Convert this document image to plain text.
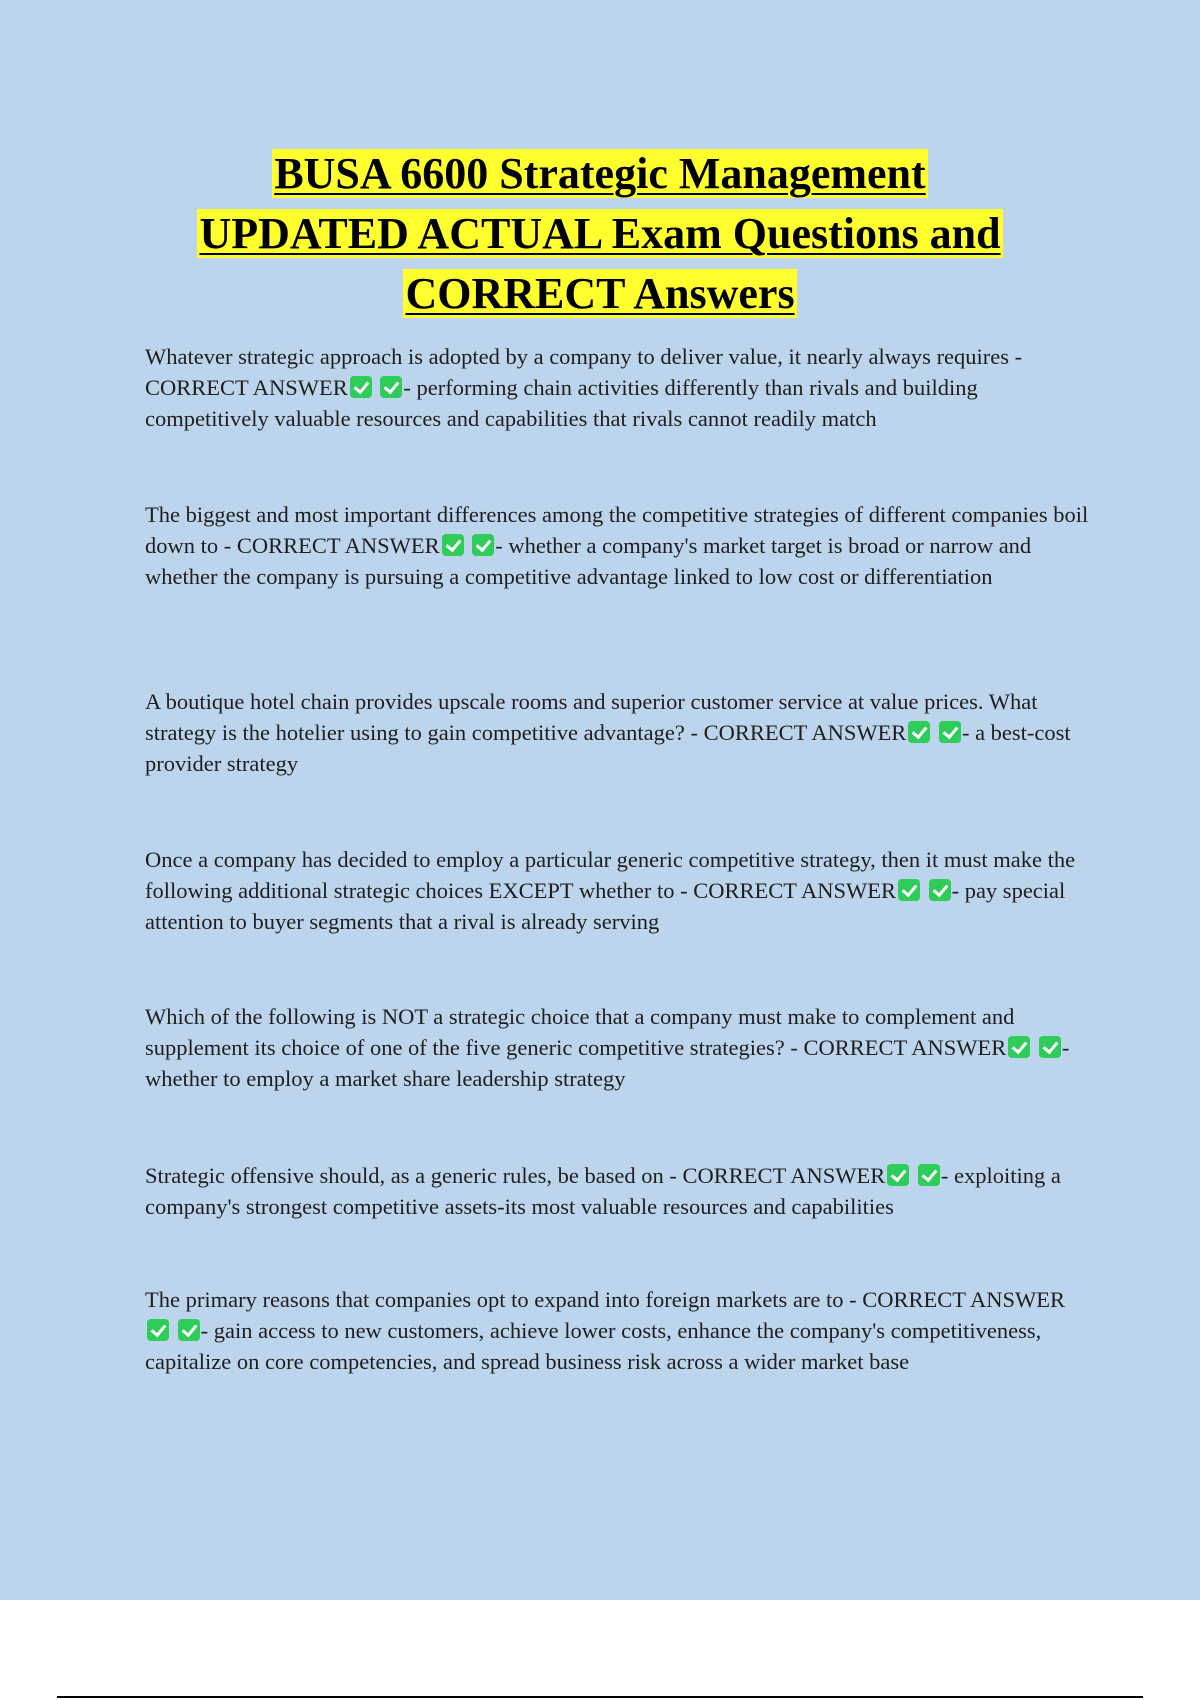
BUSA 6600 Strategic Management
UPDATED ACTUAL Exam Questions and
CORRECT Answers
Whatever strategic approach is adopted by a company to deliver value, it nearly always requires - CORRECT ANSWER - performing chain activities differently than rivals and building competitively valuable resources and capabilities that rivals cannot readily match
The biggest and most important differences among the competitive strategies of different companies boil down to - CORRECT ANSWER - whether a company's market target is broad or narrow and whether the company is pursuing a competitive advantage linked to low cost or differentiation
A boutique hotel chain provides upscale rooms and superior customer service at value prices. What strategy is the hotelier using to gain competitive advantage? - CORRECT ANSWER - a best-cost provider strategy
Once a company has decided to employ a particular generic competitive strategy, then it must make the following additional strategic choices EXCEPT whether to - CORRECT ANSWER - pay special attention to buyer segments that a rival is already serving
Which of the following is NOT a strategic choice that a company must make to complement and supplement its choice of one of the five generic competitive strategies? - CORRECT ANSWER - whether to employ a market share leadership strategy
Strategic offensive should, as a generic rules, be based on - CORRECT ANSWER - exploiting a company's strongest competitive assets-its most valuable resources and capabilities
The primary reasons that companies opt to expand into foreign markets are to - CORRECT ANSWER - gain access to new customers, achieve lower costs, enhance the company's competitiveness, capitalize on core competencies, and spread business risk across a wider market base
